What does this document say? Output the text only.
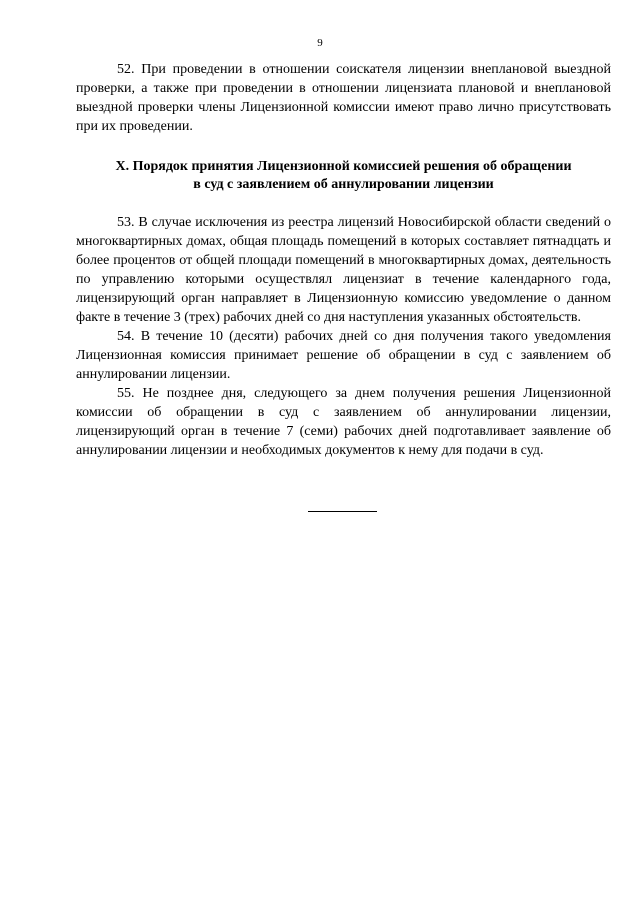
9

52. При проведении в отношении соискателя лицензии внеплановой выездной проверки, а также при проведении в отношении лицензиата плановой и внеплановой выездной проверки члены Лицензионной комиссии имеют право лично присутствовать при их проведении.

X. Порядок принятия Лицензионной комиссией решения об обращении
в суд с заявлением об аннулировании лицензии

53. В случае исключения из реестра лицензий Новосибирской области сведений о многоквартирных домах, общая площадь помещений в которых составляет пятнадцать и более процентов от общей площади помещений в многоквартирных домах, деятельность по управлению которыми осуществлял лицензиат в течение календарного года, лицензирующий орган направляет в Лицензионную комиссию уведомление о данном факте в течение 3 (трех) рабочих дней со дня наступления указанных обстоятельств.

54. В течение 10 (десяти) рабочих дней со дня получения такого уведомления Лицензионная комиссия принимает решение об обращении в суд с заявлением об аннулировании лицензии.

55. Не позднее дня, следующего за днем получения решения Лицензионной комиссии об обращении в суд с заявлением об аннулировании лицензии, лицензирующий орган в течение 7 (семи) рабочих дней подготавливает заявление об аннулировании лицензии и необходимых документов к нему для подачи в суд.
